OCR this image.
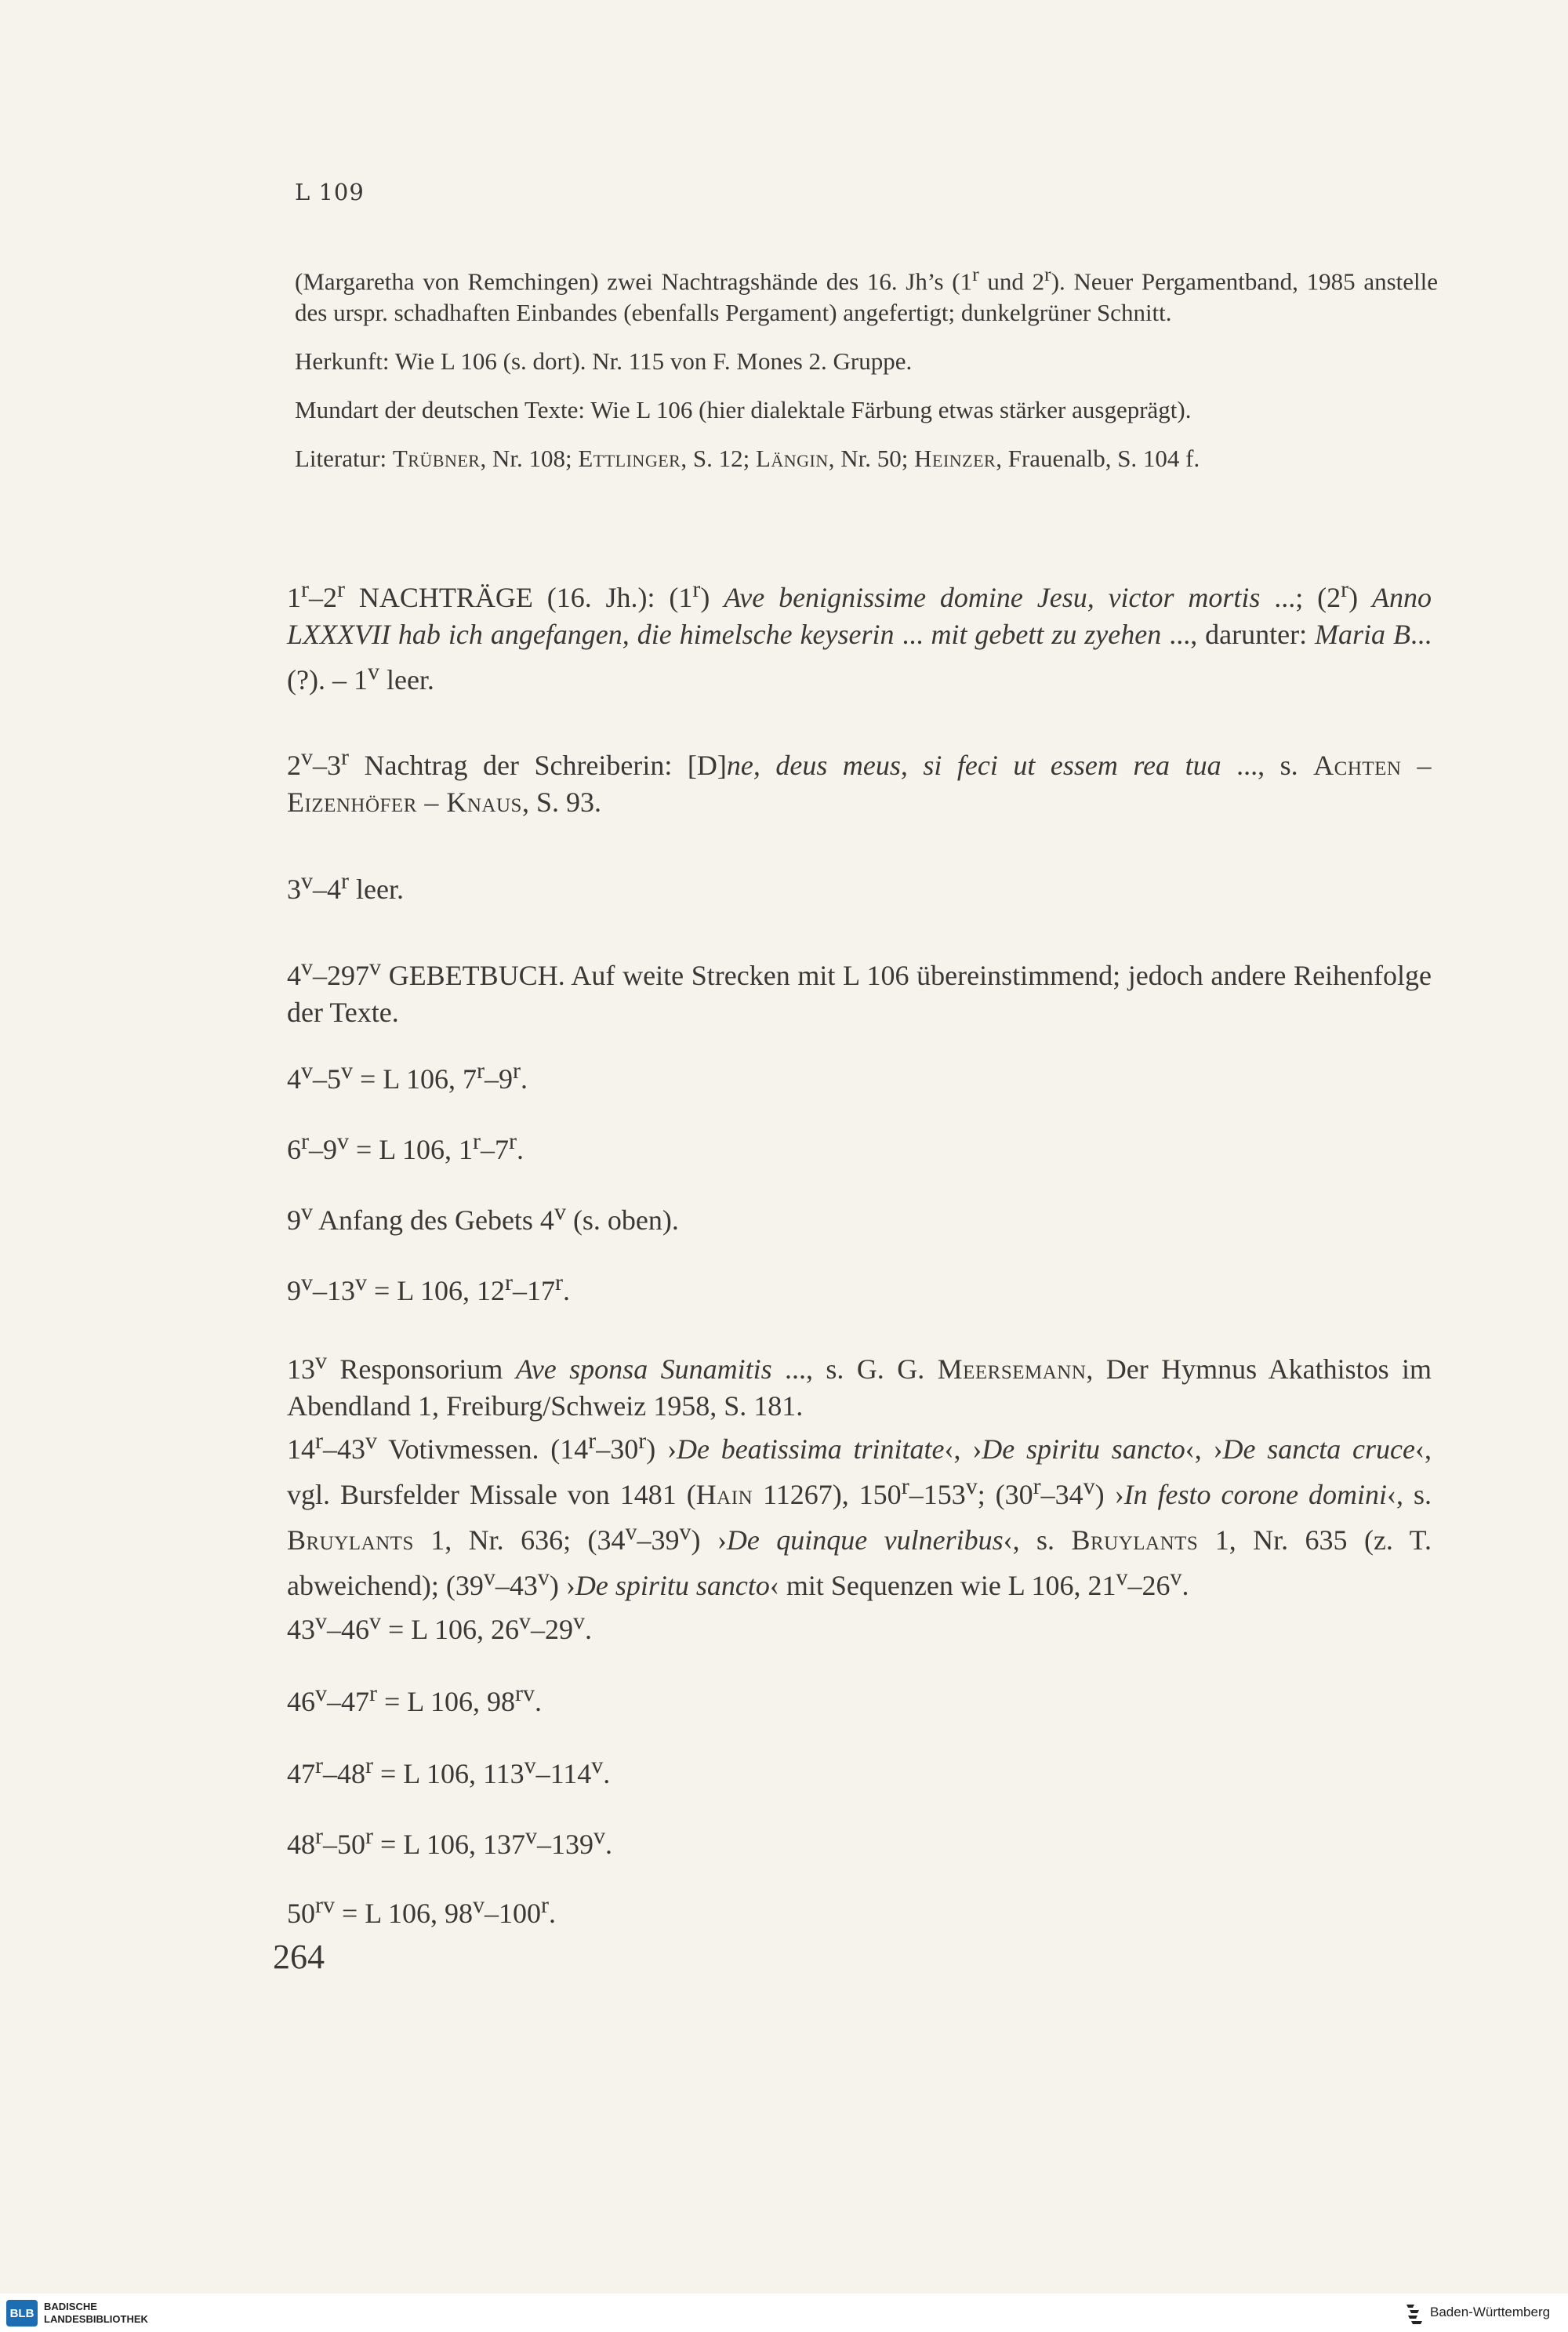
L 109

(Margaretha von Remchingen) zwei Nachtragshände des 16. Jh’s (1$^r$ und 2$^r$). Neuer Pergamentband, 1985 anstelle des urspr. schadhaften Einbandes (ebenfalls Pergament) angefertigt; dunkelgrüner Schnitt.

Herkunft: Wie L 106 (s. dort). Nr. 115 von F. Mones 2. Gruppe.

Mundart der deutschen Texte: Wie L 106 (hier dialektale Färbung etwas stärker ausgeprägt).

Literatur: Trübner, Nr. 108; Ettlinger, S. 12; Längin, Nr. 50; Heinzer, Frauenalb, S. 104 f.

1$^r$–2$^r$ NACHTRÄGE (16. Jh.): (1$^r$) Ave benignissime domine Jesu, victor mortis ...; (2$^r$) Anno LXXXVII hab ich angefangen, die himelsche keyserin ... mit gebett zu zyehen ..., darunter: Maria B... (?). – 1$^v$ leer.

2$^v$–3$^r$ Nachtrag der Schreiberin: [D]ne, deus meus, si feci ut essem rea tua ..., s. Achten – Eizenhöfer – Knaus, S. 93.

3$^v$–4$^r$ leer.

4$^v$–297$^v$ GEBETBUCH. Auf weite Strecken mit L 106 übereinstimmend; jedoch andere Reihenfolge der Texte.

$4^v-5^v = L$ 106, 7$^r$–9$^r$.

$6^r-9^v = L$ 106, 1$^r$–7$^r$.

9$^v$ Anfang des Gebets 4$^v$ (s. oben).

$9^v-13^v = L$ 106, 12$^r$–17$^r$.

13$^v$ Responsorium Ave sponsa Sunamitis ..., s. G. G. Meersemann, Der Hymnus Akathistos im Abendland 1, Freiburg/Schweiz 1958, S. 181.

14$^r$–43$^v$ Votivmessen. (14$^r$–30$^r$) ›De beatissima trinitate‹, ›De spiritu sancto‹, ›De sancta cruce‹, vgl. Bursfelder Missale von 1481 (Hain 11267), 150$^r$–153$^v$; (30$^r$–34$^v$) ›In festo corone domini‹, s. Bruylants 1, Nr. 636; (34$^v$–39$^v$) ›De quinque vulneribus‹, s. Bruylants 1, Nr. 635 (z. T. abweichend); (39$^v$–43$^v$) ›De spiritu sancto‹ mit Sequenzen wie L 106, 21$^v$–26$^v$.

$43^v-46^v = L$ 106, 26$^v$–29$^v$.

$46^v-47^r = L$ 106, $98^{rv}$.

$47^r-48^r = L$ 106, 113$^v$–114$^v$.

$48^r-50^r = L$ 106, 137$^v$–139$^v$.

$50^{rv} = L$ 106, 98$^v$–100$^r$.

264
BLB BADISCHE
LANDESBIBLIOTHEK	Baden-Württemberg
